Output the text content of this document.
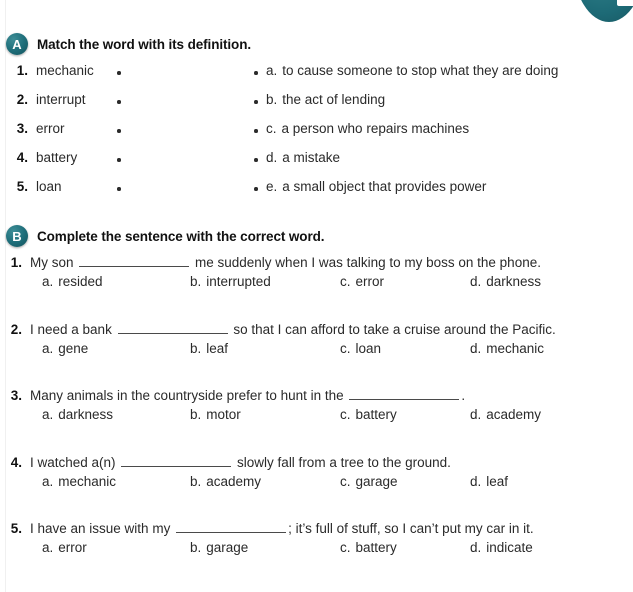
A	Match the word with its definition.
1. mechanic
2. interrupt
3. error
4. battery
5. loan
a. to cause someone to stop what they are doing
b. the act of lending
c. a person who repairs machines
d. a mistake
e. a small object that provides power
B	Complete the sentence with the correct word.
1. My son	me suddenly when I was talking to my boss on the phone.
a. resided	b. interrupted	c. error	d. darkness
2. I need a bank	so that I can afford to take a cruise around the Pacific.
a. gene	b. leaf	c. loan	d. mechanic
3. Many animals in the countryside prefer to hunt in the	.
a. darkness	b. motor	c. battery	d. academy
4. I watched a(n)	slowly fall from a tree to the ground.
a. mechanic	b. academy	c. garage	d. leaf
5. I have an issue with my	; it’s full of stuff, so I can’t put my car in it.
a. error	b. garage	c. battery	d. indicate
